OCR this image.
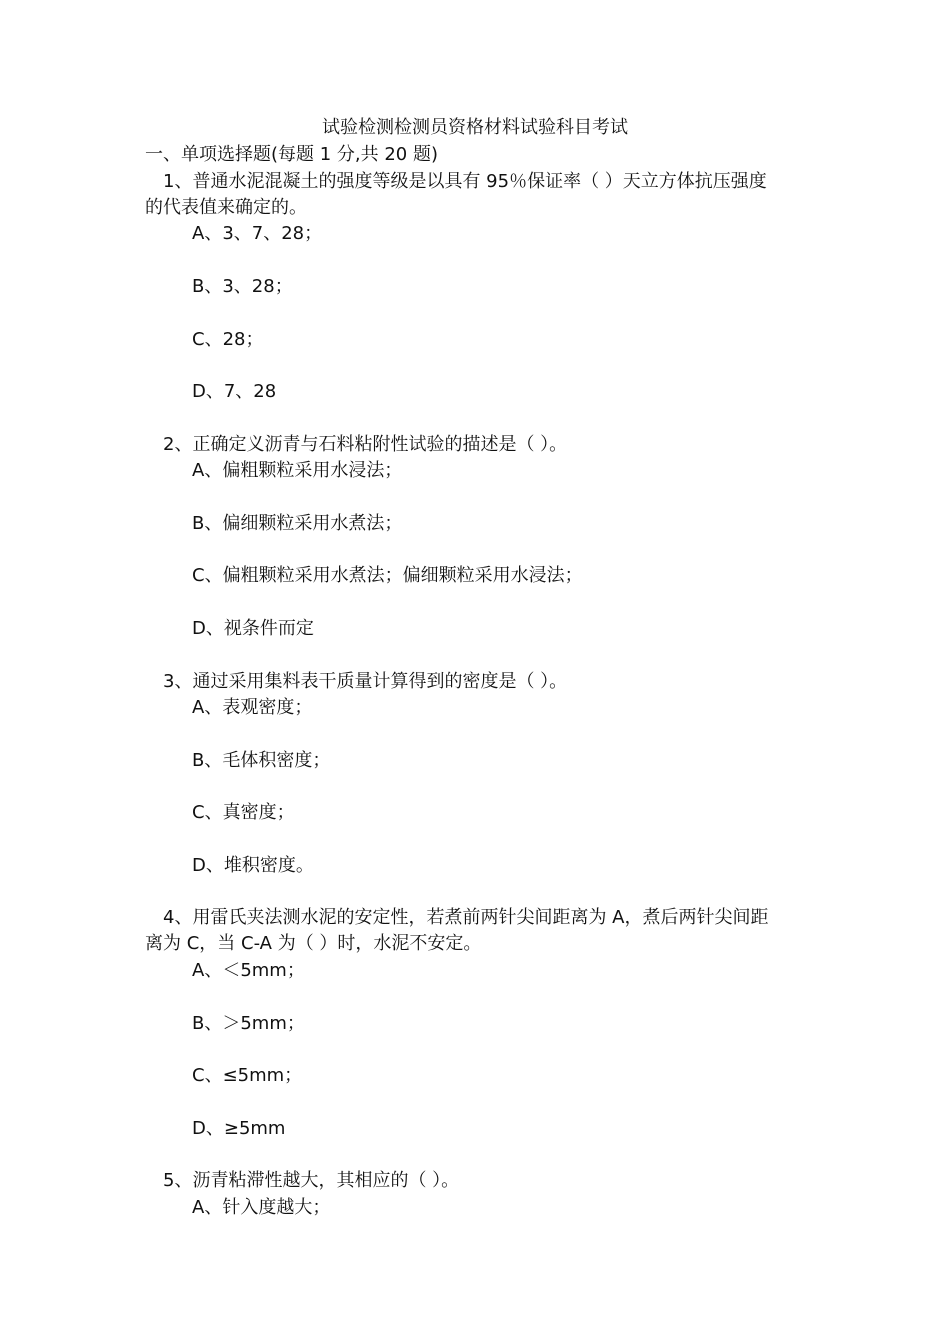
试验检测检测员资格材料试验科目考试
一、单项选择题(每题 1 分,共 20 题)
1、普通水泥混凝土的强度等级是以具有 95％保证率（ ）天立方体抗压强度
的代表值来确定的。
A、3、7、28；
B、3、28；
C、28；
D、7、28
2、正确定义沥青与石料粘附性试验的描述是（ ）。
A、偏粗颗粒采用水浸法；
B、偏细颗粒采用水煮法；
C、偏粗颗粒采用水煮法；偏细颗粒采用水浸法；
D、视条件而定
3、通过采用集料表干质量计算得到的密度是（ ）。
A、表观密度；
B、毛体积密度；
C、真密度；
D、堆积密度。
4、用雷氏夹法测水泥的安定性，若煮前两针尖间距离为 A，煮后两针尖间距
离为 C，当 C-A 为（ ）时，水泥不安定。
A、＜5mm；
B、＞5mm；
C、≤5mm；
D、≥5mm
5、沥青粘滞性越大，其相应的（ ）。
A、针入度越大；
